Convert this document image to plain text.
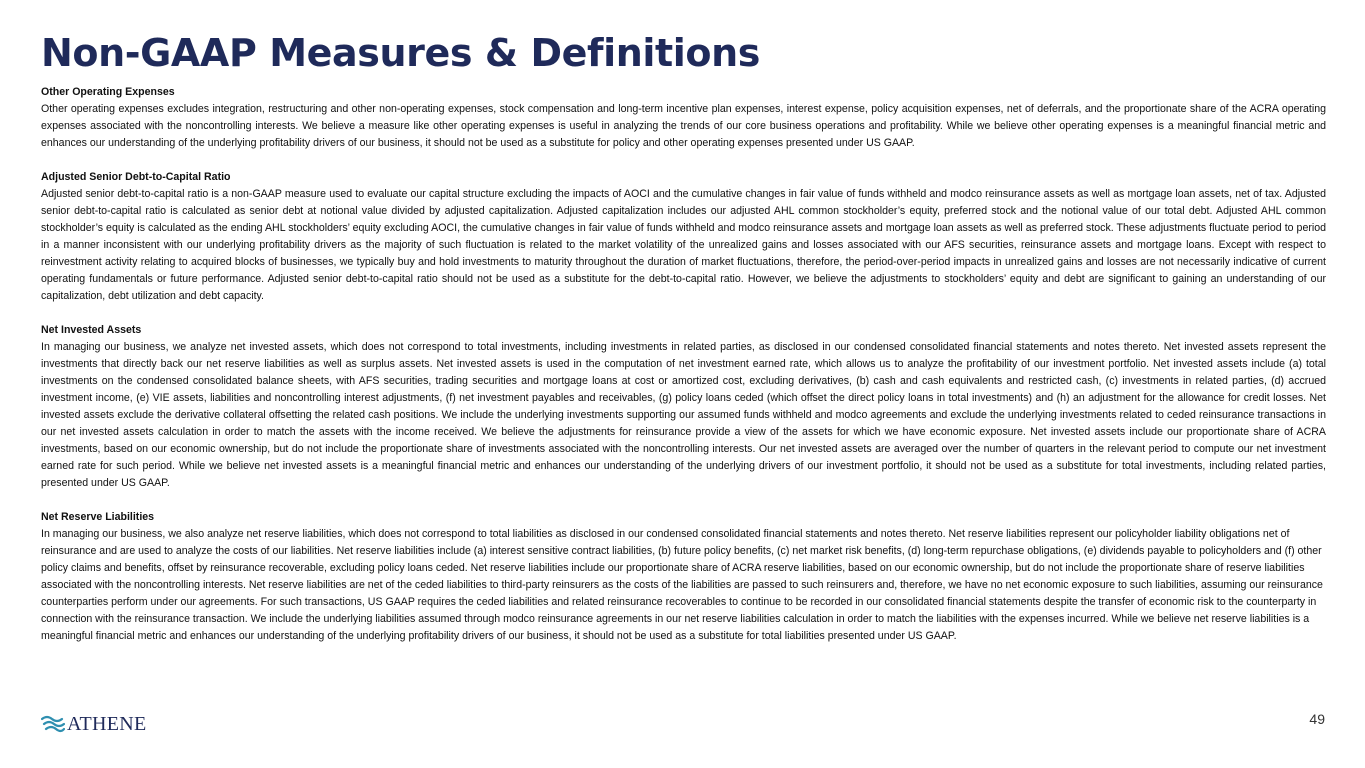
Non-GAAP Measures & Definitions
Other Operating Expenses

Other operating expenses excludes integration, restructuring and other non-operating expenses, stock compensation and long-term incentive plan expenses, interest expense, policy acquisition expenses, net of deferrals, and the proportionate share of the ACRA operating expenses associated with the noncontrolling interests. We believe a measure like other operating expenses is useful in analyzing the trends of our core business operations and profitability. While we believe other operating expenses is a meaningful financial metric and enhances our understanding of the underlying profitability drivers of our business, it should not be used as a substitute for policy and other operating expenses presented under US GAAP.

Adjusted Senior Debt-to-Capital Ratio

Adjusted senior debt-to-capital ratio is a non-GAAP measure used to evaluate our capital structure excluding the impacts of AOCI and the cumulative changes in fair value of funds withheld and modco reinsurance assets as well as mortgage loan assets, net of tax. Adjusted senior debt-to-capital ratio is calculated as senior debt at notional value divided by adjusted capitalization. Adjusted capitalization includes our adjusted AHL common stockholder’s equity, preferred stock and the notional value of our total debt. Adjusted AHL common stockholder’s equity is calculated as the ending AHL stockholders’ equity excluding AOCI, the cumulative changes in fair value of funds withheld and modco reinsurance assets and mortgage loan assets as well as preferred stock. These adjustments fluctuate period to period in a manner inconsistent with our underlying profitability drivers as the majority of such fluctuation is related to the market volatility of the unrealized gains and losses associated with our AFS securities, reinsurance assets and mortgage loans. Except with respect to reinvestment activity relating to acquired blocks of businesses, we typically buy and hold investments to maturity throughout the duration of market fluctuations, therefore, the period-over-period impacts in unrealized gains and losses are not necessarily indicative of current operating fundamentals or future performance. Adjusted senior debt-to-capital ratio should not be used as a substitute for the debt-to-capital ratio. However, we believe the adjustments to stockholders’ equity and debt are significant to gaining an understanding of our capitalization, debt utilization and debt capacity.

Net Invested Assets

In managing our business, we analyze net invested assets, which does not correspond to total investments, including investments in related parties, as disclosed in our condensed consolidated financial statements and notes thereto. Net invested assets represent the investments that directly back our net reserve liabilities as well as surplus assets. Net invested assets is used in the computation of net investment earned rate, which allows us to analyze the profitability of our investment portfolio. Net invested assets include (a) total investments on the condensed consolidated balance sheets, with AFS securities, trading securities and mortgage loans at cost or amortized cost, excluding derivatives, (b) cash and cash equivalents and restricted cash, (c) investments in related parties, (d) accrued investment income, (e) VIE assets, liabilities and noncontrolling interest adjustments, (f) net investment payables and receivables, (g) policy loans ceded (which offset the direct policy loans in total investments) and (h) an adjustment for the allowance for credit losses. Net invested assets exclude the derivative collateral offsetting the related cash positions. We include the underlying investments supporting our assumed funds withheld and modco agreements and exclude the underlying investments related to ceded reinsurance transactions in our net invested assets calculation in order to match the assets with the income received. We believe the adjustments for reinsurance provide a view of the assets for which we have economic exposure. Net invested assets include our proportionate share of ACRA investments, based on our economic ownership, but do not include the proportionate share of investments associated with the noncontrolling interests. Our net invested assets are averaged over the number of quarters in the relevant period to compute our net investment earned rate for such period. While we believe net invested assets is a meaningful financial metric and enhances our understanding of the underlying drivers of our investment portfolio, it should not be used as a substitute for total investments, including related parties, presented under US GAAP.

Net Reserve Liabilities

In managing our business, we also analyze net reserve liabilities, which does not correspond to total liabilities as disclosed in our condensed consolidated financial statements and notes thereto. Net reserve liabilities represent our policyholder liability obligations net of reinsurance and are used to analyze the costs of our liabilities. Net reserve liabilities include (a) interest sensitive contract liabilities, (b) future policy benefits, (c) net market risk benefits, (d) long-term repurchase obligations, (e) dividends payable to policyholders and (f) other policy claims and benefits, offset by reinsurance recoverable, excluding policy loans ceded. Net reserve liabilities include our proportionate share of ACRA reserve liabilities, based on our economic ownership, but do not include the proportionate share of reserve liabilities associated with the noncontrolling interests. Net reserve liabilities are net of the ceded liabilities to third-party reinsurers as the costs of the liabilities are passed to such reinsurers and, therefore, we have no net economic exposure to such liabilities, assuming our reinsurance counterparties perform under our agreements. For such transactions, US GAAP requires the ceded liabilities and related reinsurance recoverables to continue to be recorded in our consolidated financial statements despite the transfer of economic risk to the counterparty in connection with the reinsurance transaction. We include the underlying liabilities assumed through modco reinsurance agreements in our net reserve liabilities calculation in order to match the liabilities with the expenses incurred. While we believe net reserve liabilities is a meaningful financial metric and enhances our understanding of the underlying profitability drivers of our business, it should not be used as a substitute for total liabilities presented under US GAAP.

ATHENE	49
